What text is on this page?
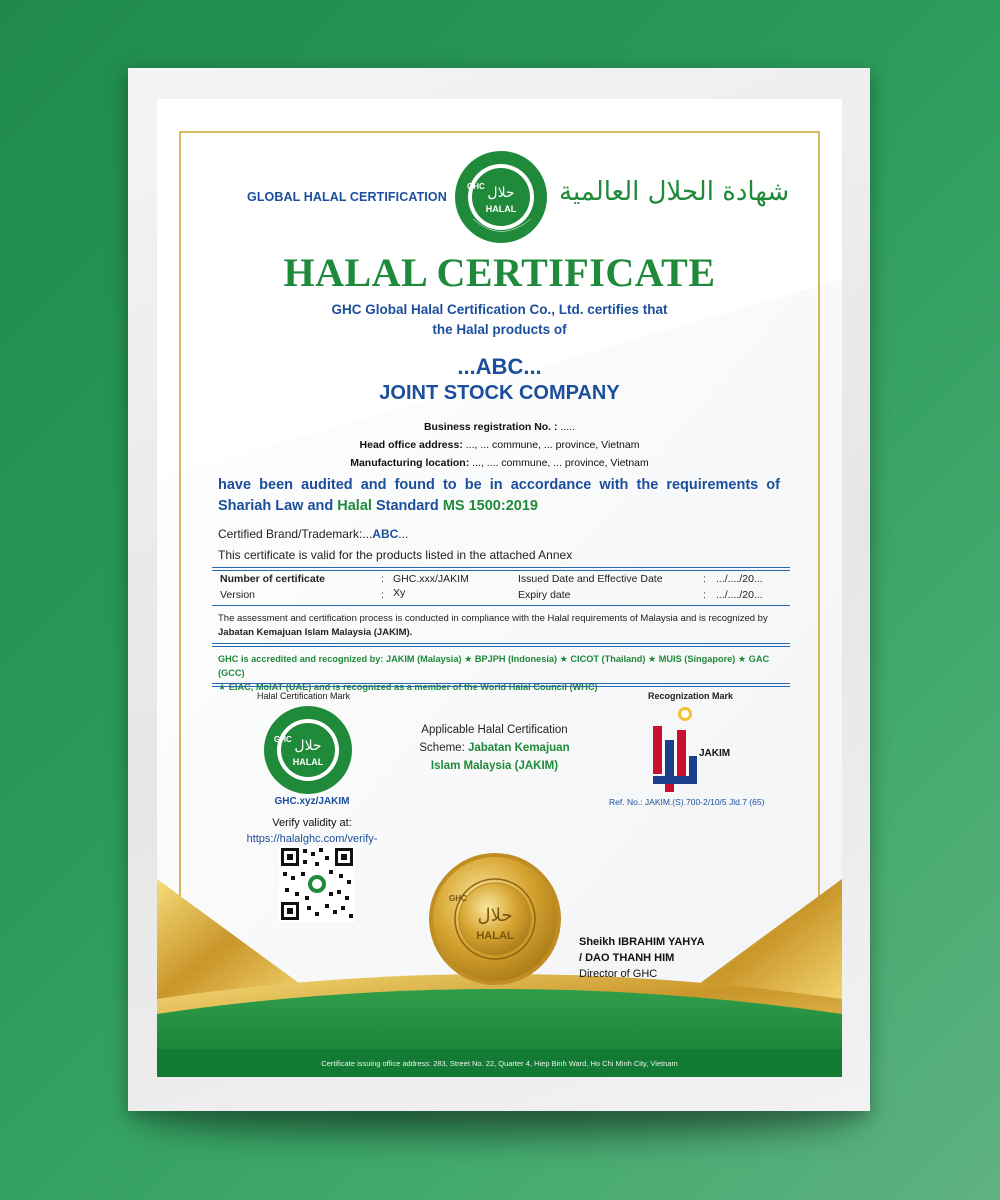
GLOBAL HALAL CERTIFICATION	حلال
HALAL
GHC	شهادة الحلال العالمية
HALAL CERTIFICATE
GHC Global Halal Certification Co., Ltd. certifies that
the Halal products of
...ABC...
JOINT STOCK COMPANY
Business registration No. : .....
Head office address: ..., ... commune, ... province, Vietnam
Manufacturing location: ..., .... commune, ... province, Vietnam
have been audited and found to be in accordance with the requirements of Shariah Law and Halal Standard MS 1500:2019
Certified Brand/Trademark:...ABC...
This certificate is valid for the products listed in the attached Annex
Number of certificate	: GHC.xxx/JAKIM	Issued Date and Effective Date	: .../..../20...
Version	: Xy	Expiry date	: .../..../20...
The assessment and certification process is conducted in compliance with the Halal requirements of Malaysia and is recognized by
Jabatan Kemajuan Islam Malaysia (JAKIM).
GHC is accredited and recognized by: JAKIM (Malaysia) ★ BPJPH (Indonesia) ★ CICOT (Thailand) ★ MUIS (Singapore) ★ GAC (GCC)
★ EIAC, MoIAT (UAE) and is recognized as a member of the World Halal Council (WHC)
Halal Certification Mark
حلال
HALAL
GHC
GHC.xyz/JAKIM
Verify validity at:
https://halalghc.com/verify-
Applicable Halal Certification
Scheme: Jabatan Kemajuan
Islam Malaysia (JAKIM)
Recognization Mark
JAKIM
Ref. No.: JAKIM.(S).700-2/10/5 Jld.7 (65)
حلال
HALAL
GHC
Sheikh IBRAHIM YAHYA
/ DAO THANH HIM
Director of GHC
Certificate issuing office address: 283, Street No. 22, Quarter 4, Hiep Binh Ward, Ho Chi Minh City, Vietnam
